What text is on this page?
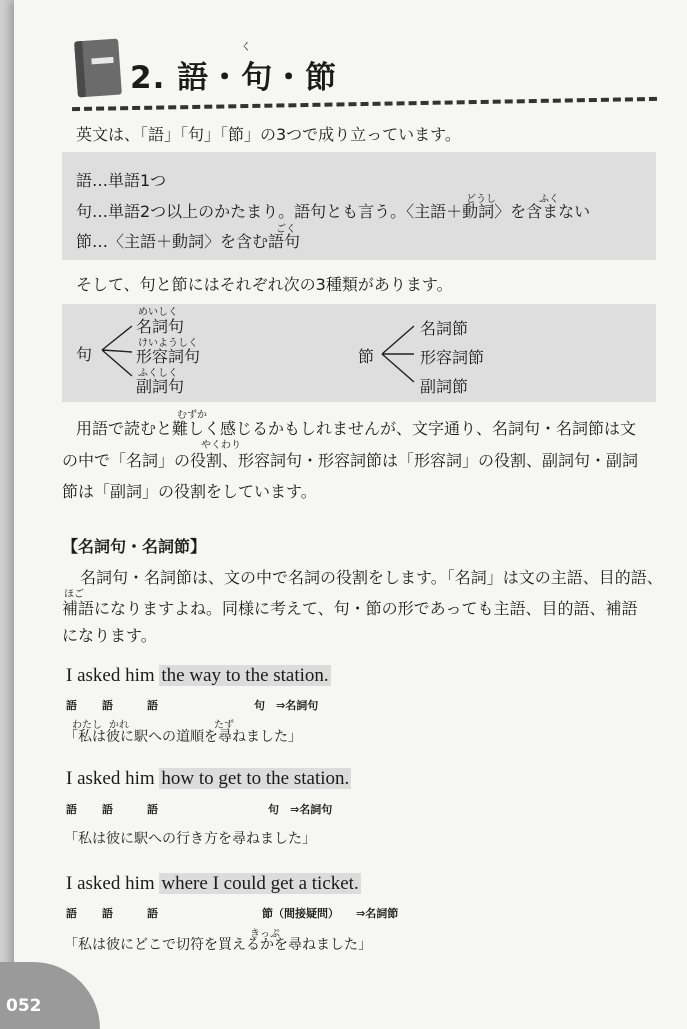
く
2. 語・句・節
英文は、「語」「句」「節」の3つで成り立っています。
どうし	ふく
ごく
語…単語1つ
句…単語2つ以上のかたまり。語句とも言う。〈主語＋動詞〉を含まない
節…〈主語＋動詞〉を含む語句
そして、句と節にはそれぞれ次の3種類があります。
句
めいしく
名詞句
けいようしく
形容詞句
ふくしく
副詞句
節
名詞節
形容詞節
副詞節
むずか
やくわり
用語で読むと難しく感じるかもしれませんが、文字通り、名詞句・名詞節は文
の中で「名詞」の役割、形容詞句・形容詞節は「形容詞」の役割、副詞句・副詞
節は「副詞」の役割をしています。
【名詞句・名詞節】
名詞句・名詞節は、文の中で名詞の役割をします。「名詞」は文の主語、目的語、
ほご
補語になりますよね。同様に考えて、句・節の形であっても主語、目的語、補語
になります。
I asked him the way to the station.
語 語	語	句 ⇒名詞句
わたし かれ	たず
「私は彼に駅への道順を尋ねました」
I asked him how to get to the station.
語 語	語	句 ⇒名詞句
「私は彼に駅への行き方を尋ねました」
I asked him where I could get a ticket.
語 語	語	節（間接疑問） ⇒名詞節
きっぷ
「私は彼にどこで切符を買えるかを尋ねました」
052
